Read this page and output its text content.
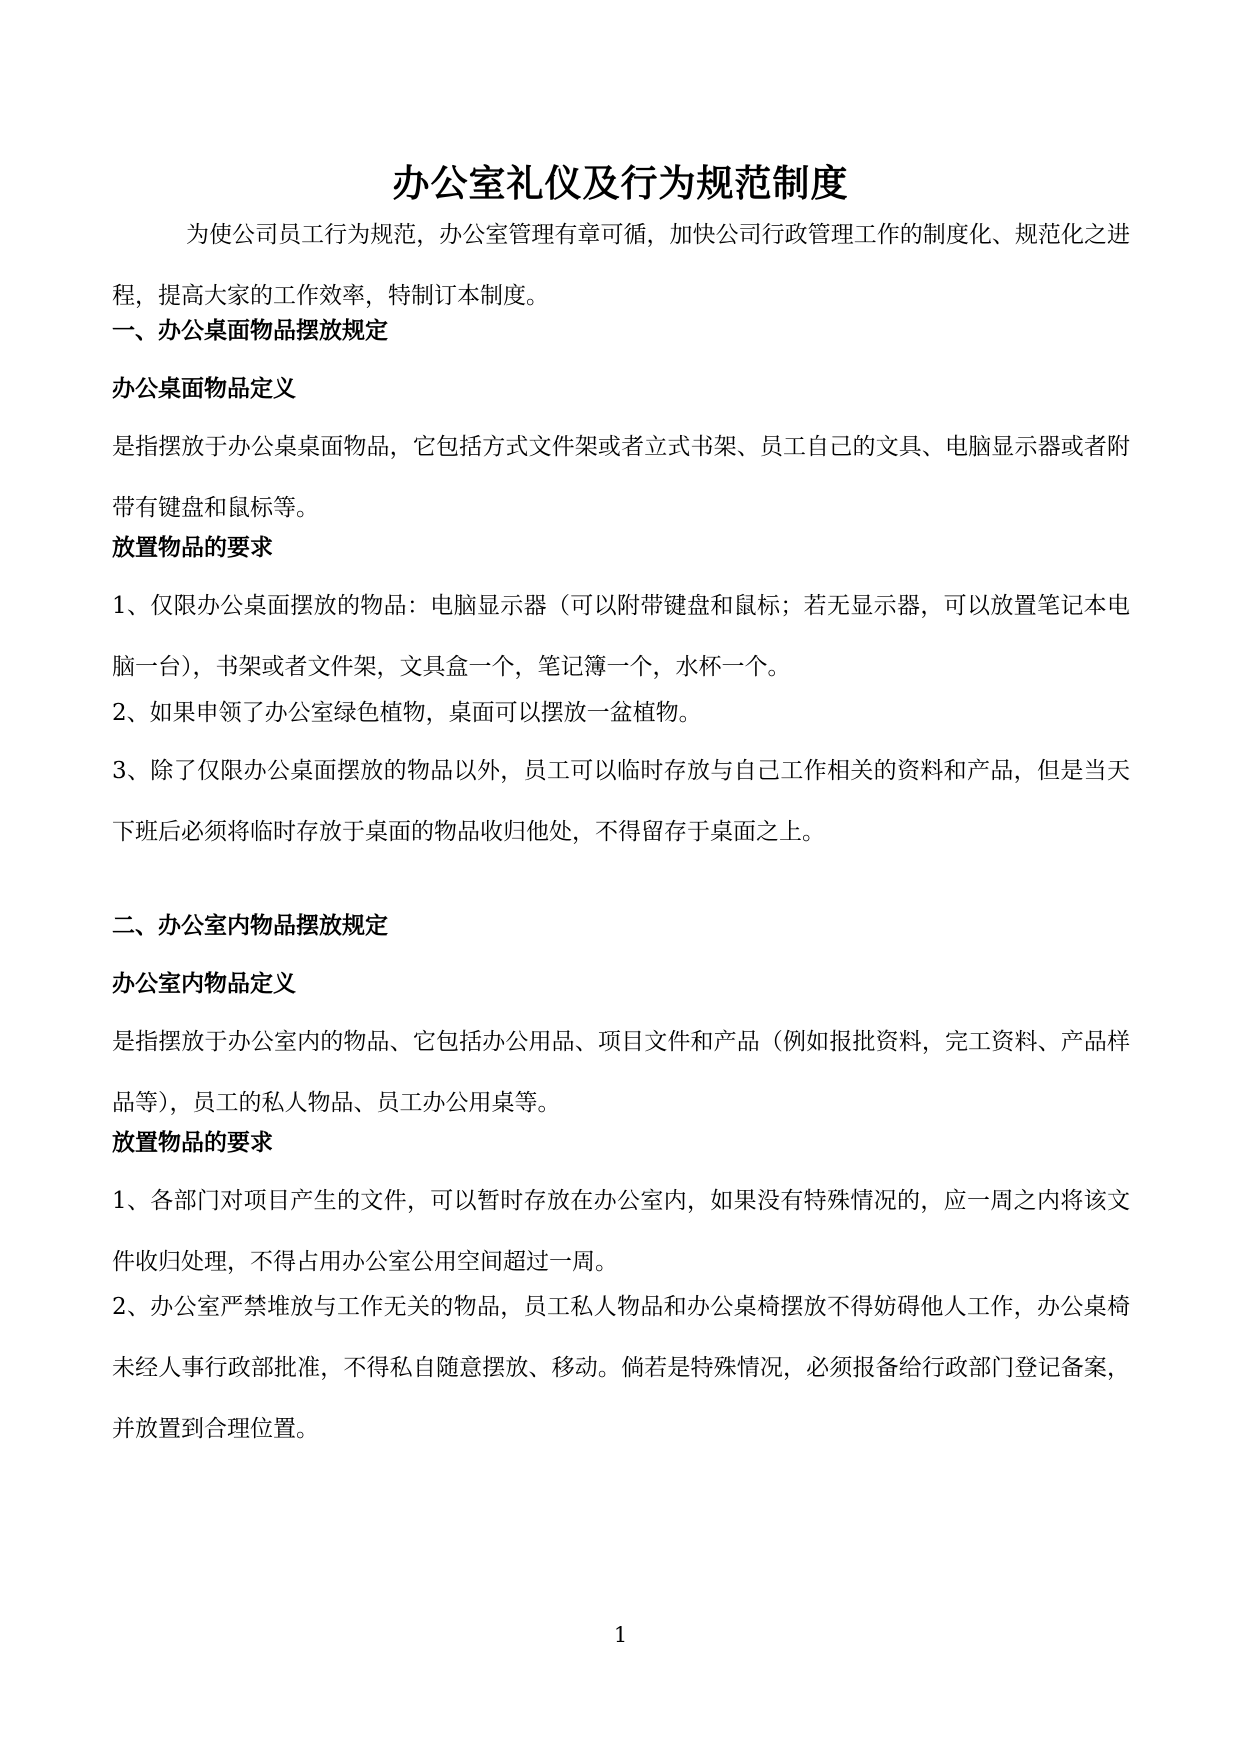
办公室礼仪及行为规范制度
为使公司员工行为规范，办公室管理有章可循，加快公司行政管理工作的制度化、规范化之进程，提高大家的工作效率，特制订本制度。
一、办公桌面物品摆放规定
办公桌面物品定义
是指摆放于办公桌桌面物品，它包括方式文件架或者立式书架、员工自己的文具、电脑显示器或者附带有键盘和鼠标等。
放置物品的要求
1、仅限办公桌面摆放的物品：电脑显示器（可以附带键盘和鼠标；若无显示器，可以放置笔记本电脑一台），书架或者文件架，文具盒一个，笔记簿一个，水杯一个。
2、如果申领了办公室绿色植物，桌面可以摆放一盆植物。
3、除了仅限办公桌面摆放的物品以外，员工可以临时存放与自己工作相关的资料和产品，但是当天下班后必须将临时存放于桌面的物品收归他处，不得留存于桌面之上。
二、办公室内物品摆放规定
办公室内物品定义
是指摆放于办公室内的物品、它包括办公用品、项目文件和产品（例如报批资料，完工资料、产品样品等），员工的私人物品、员工办公用桌等。
放置物品的要求
1、各部门对项目产生的文件，可以暂时存放在办公室内，如果没有特殊情况的，应一周之内将该文件收归处理，不得占用办公室公用空间超过一周。
2、办公室严禁堆放与工作无关的物品，员工私人物品和办公桌椅摆放不得妨碍他人工作，办公桌椅未经人事行政部批准，不得私自随意摆放、移动。倘若是特殊情况，必须报备给行政部门登记备案，并放置到合理位置。
1
